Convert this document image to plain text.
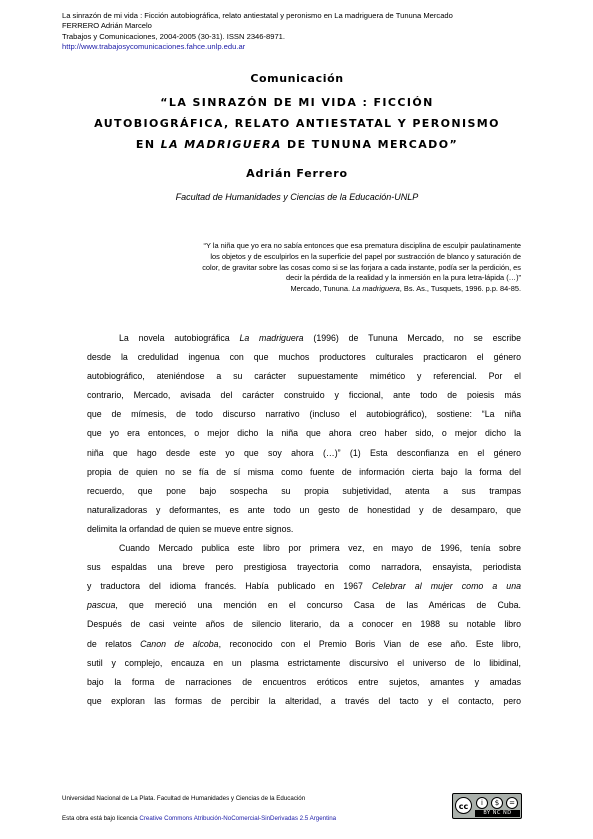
La sinrazón de mi vida : Ficción autobiográfica, relato antiestatal y peronismo en La madriguera de Tununa Mercado
FERRERO Adrián Marcelo
Trabajos y Comunicaciones, 2004-2005 (30-31). ISSN 2346-8971.
http://www.trabajosycomunicaciones.fahce.unlp.edu.ar
Comunicación
“LA SINRAZÓN DE MI VIDA : FICCIÓN
AUTOBIOGRÁFICA, RELATO ANTIESTATAL Y PERONISMO
EN LA MADRIGUERA DE TUNUNA MERCADO”
Adrián Ferrero
Facultad de Humanidades y Ciencias de la Educación-UNLP
“Y la niña que yo era no sabía entonces que esa prematura disciplina de esculpir paulatinamente
los objetos y de esculpirlos en la superficie del papel por sustracción de blanco y saturación de
color, de gravitar sobre las cosas como si se las forjara a cada instante, podía ser la perdición, es
decir la pérdida de la realidad y la inmersión en la pura letra-lápida (…)”
Mercado, Tununa. La madriguera, Bs. As., Tusquets, 1996. p.p. 84-85.
La novela autobiográfica La madriguera (1996) de Tununa Mercado, no se escribe
desde la credulidad ingenua con que muchos productores culturales practicaron el género
autobiográfico, ateniéndose a su carácter supuestamente mimético y referencial. Por el
contrario, Mercado, avisada del carácter construido y ficcional, ante todo de poiesis más
que de mímesis, de todo discurso narrativo (incluso el autobiográfico), sostiene: “La niña
que yo era entonces, o mejor dicho la niña que ahora creo haber sido, o mejor dicho la
niña que hago desde este yo que soy ahora (…)” (1) Esta desconfianza en el género
propia de quien no se fía de sí misma como fuente de información cierta bajo la forma del
recuerdo, que pone bajo sospecha su propia subjetividad, atenta a sus trampas
naturalizadoras y deformantes, es ante todo un gesto de honestidad y de desamparo, que
delimita la orfandad de quien se mueve entre signos.
Cuando Mercado publica este libro por primera vez, en mayo de 1996, tenía sobre
sus espaldas una breve pero prestigiosa trayectoria como narradora, ensayista, periodista
y traductora del idioma francés. Había publicado en 1967 Celebrar al mujer como a una
pascua, que mereció una mención en el concurso Casa de las Américas de Cuba.
Después de casi veinte años de silencio literario, da a conocer en 1988 su notable libro
de relatos Canon de alcoba, reconocido con el Premio Boris Vian de ese año. Este libro,
sutil y complejo, encauza en un plasma estrictamente discursivo el universo de lo libidinal,
bajo la forma de narraciones de encuentros eróticos entre sujetos, amantes y amadas
que exploran las formas de percibir la alteridad, a través del tacto y el contacto, pero
Universidad Nacional de La Plata. Facultad de Humanidades y Ciencias de la Educación
Esta obra está bajo licencia Creative Commons Atribución-NoComercial-SinDerivadas 2.5 Argentina
cc	i	$	=
BY NC ND
